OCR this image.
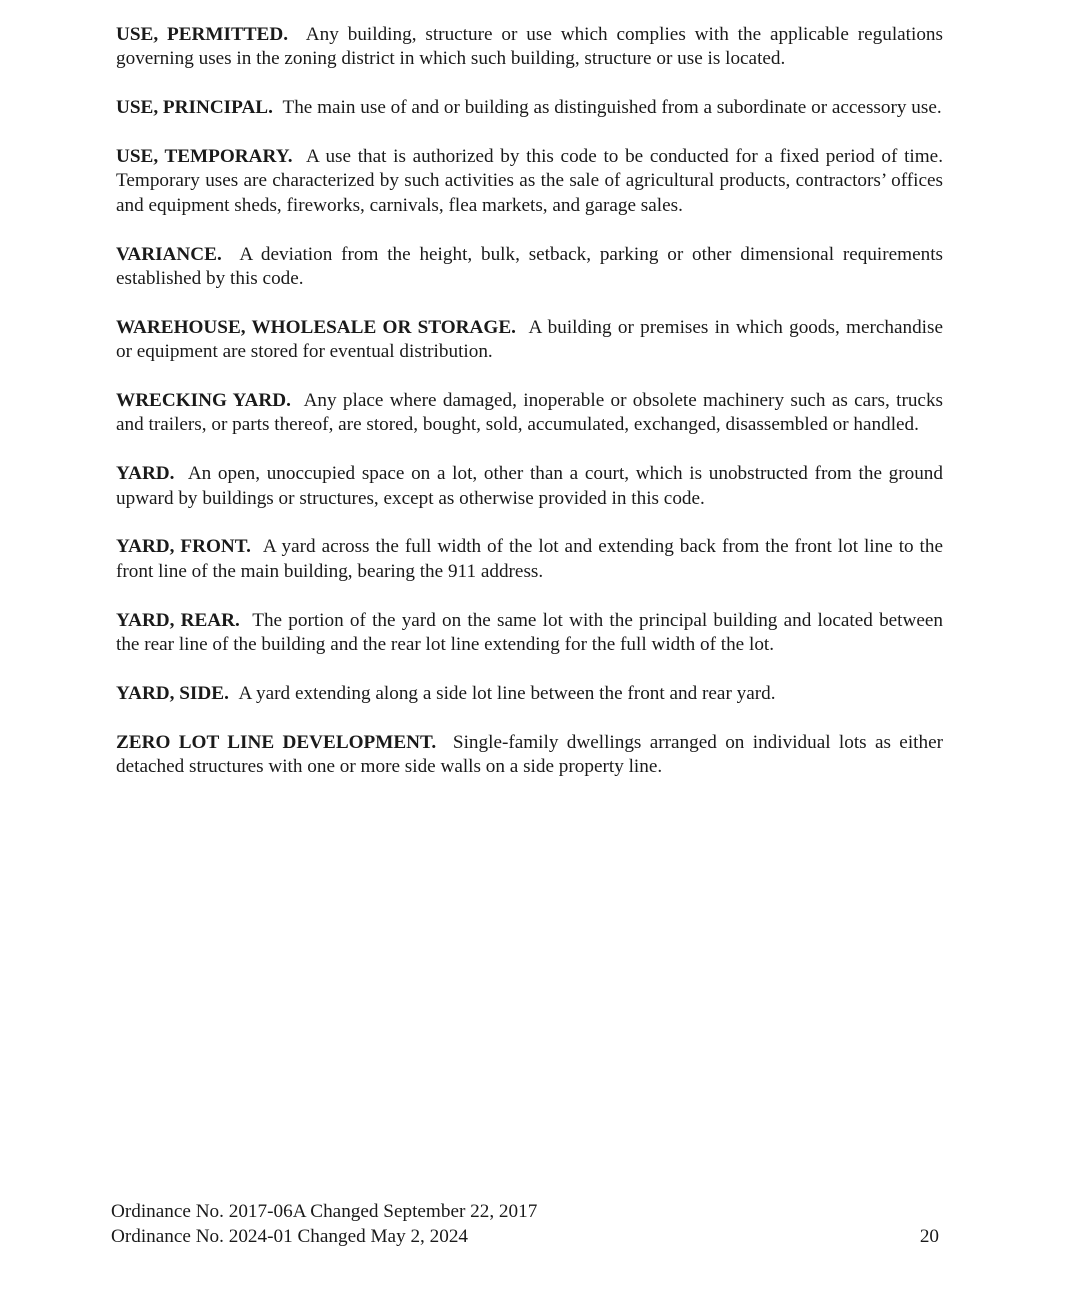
USE, PERMITTED.  Any building, structure or use which complies with the applicable regulations governing uses in the zoning district in which such building, structure or use is located.

USE, PRINCIPAL.  The main use of and or building as distinguished from a subordinate or accessory use.

USE, TEMPORARY.  A use that is authorized by this code to be conducted for a fixed period of time. Temporary uses are characterized by such activities as the sale of agricultural products, contractors’ offices and equipment sheds, fireworks, carnivals, flea markets, and garage sales.

VARIANCE.  A deviation from the height, bulk, setback, parking or other dimensional requirements established by this code.

WAREHOUSE, WHOLESALE OR STORAGE.  A building or premises in which goods, merchandise or equipment are stored for eventual distribution.

WRECKING YARD.  Any place where damaged, inoperable or obsolete machinery such as cars, trucks and trailers, or parts thereof, are stored, bought, sold, accumulated, exchanged, disassembled or handled.

YARD.  An open, unoccupied space on a lot, other than a court, which is unobstructed from the ground upward by buildings or structures, except as otherwise provided in this code.

YARD, FRONT.  A yard across the full width of the lot and extending back from the front lot line to the front line of the main building, bearing the 911 address.

YARD, REAR.  The portion of the yard on the same lot with the principal building and located between the rear line of the building and the rear lot line extending for the full width of the lot.

YARD, SIDE.  A yard extending along a side lot line between the front and rear yard.

ZERO LOT LINE DEVELOPMENT.  Single-family dwellings arranged on individual lots as either detached structures with one or more side walls on a side property line.

Ordinance No. 2017-06A Changed September 22, 2017
Ordinance No. 2024-01 Changed May 2, 2024	20
